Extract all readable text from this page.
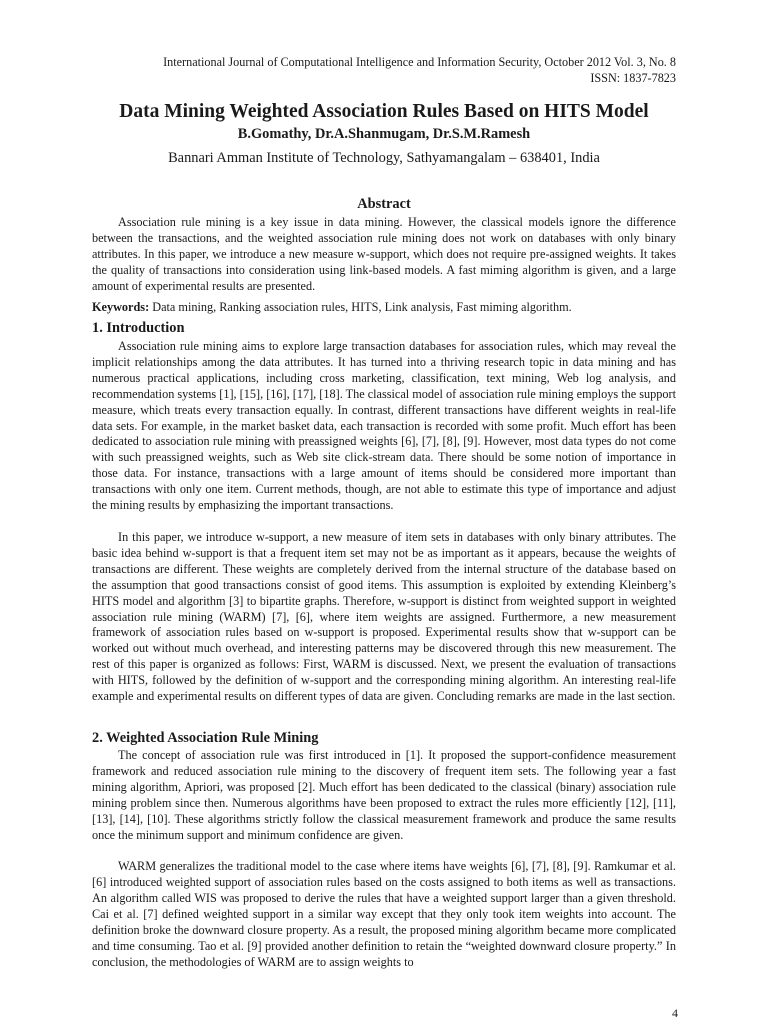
International Journal of Computational Intelligence and Information Security, October 2012 Vol. 3, No. 8
ISSN: 1837-7823
Data Mining Weighted Association Rules Based on HITS Model
B.Gomathy, Dr.A.Shanmugam, Dr.S.M.Ramesh
Bannari Amman Institute of Technology, Sathyamangalam – 638401, India
Abstract

Association rule mining is a key issue in data mining. However, the classical models ignore the difference between the transactions, and the weighted association rule mining does not work on databases with only binary attributes. In this paper, we introduce a new measure w-support, which does not require pre-assigned weights. It takes the quality of transactions into consideration using link-based models. A fast miming algorithm is given, and a large amount of experimental results are presented.

Keywords: Data mining, Ranking association rules, HITS, Link analysis, Fast miming algorithm.

1. Introduction

Association rule mining aims to explore large transaction databases for association rules, which may reveal the implicit relationships among the data attributes. It has turned into a thriving research topic in data mining and has numerous practical applications, including cross marketing, classification, text mining, Web log analysis, and recommendation systems [1], [15], [16], [17], [18]. The classical model of association rule mining employs the support measure, which treats every transaction equally. In contrast, different transactions have different weights in real-life data sets. For example, in the market basket data, each transaction is recorded with some profit. Much effort has been dedicated to association rule mining with preassigned weights [6], [7], [8], [9]. However, most data types do not come with such preassigned weights, such as Web site click-stream data. There should be some notion of importance in those data. For instance, transactions with a large amount of items should be considered more important than transactions with only one item. Current methods, though, are not able to estimate this type of importance and adjust the mining results by emphasizing the important transactions.

In this paper, we introduce w-support, a new measure of item sets in databases with only binary attributes. The basic idea behind w-support is that a frequent item set may not be as important as it appears, because the weights of transactions are different. These weights are completely derived from the internal structure of the database based on the assumption that good transactions consist of good items. This assumption is exploited by extending Kleinberg’s HITS model and algorithm [3] to bipartite graphs. Therefore, w-support is distinct from weighted support in weighted association rule mining (WARM) [7], [6], where item weights are assigned. Furthermore, a new measurement framework of association rules based on w-support is proposed. Experimental results show that w-support can be worked out without much overhead, and interesting patterns may be discovered through this new measurement. The rest of this paper is organized as follows: First, WARM is discussed. Next, we present the evaluation of transactions with HITS, followed by the definition of w-support and the corresponding mining algorithm. An interesting real-life example and experimental results on different types of data are given. Concluding remarks are made in the last section.

2. Weighted Association Rule Mining

The concept of association rule was first introduced in [1]. It proposed the support-confidence measurement framework and reduced association rule mining to the discovery of frequent item sets. The following year a fast mining algorithm, Apriori, was proposed [2]. Much effort has been dedicated to the classical (binary) association rule mining problem since then. Numerous algorithms have been proposed to extract the rules more efficiently [12], [11], [13], [14], [10]. These algorithms strictly follow the classical measurement framework and produce the same results once the minimum support and minimum confidence are given.

WARM generalizes the traditional model to the case where items have weights [6], [7], [8], [9]. Ramkumar et al. [6] introduced weighted support of association rules based on the costs assigned to both items as well as transactions. An algorithm called WIS was proposed to derive the rules that have a weighted support larger than a given threshold. Cai et al. [7] defined weighted support in a similar way except that they only took item weights into account. The definition broke the downward closure property. As a result, the proposed mining algorithm became more complicated and time consuming. Tao et al. [9] provided another definition to retain the “weighted downward closure property.” In conclusion, the methodologies of WARM are to assign weights to

4
